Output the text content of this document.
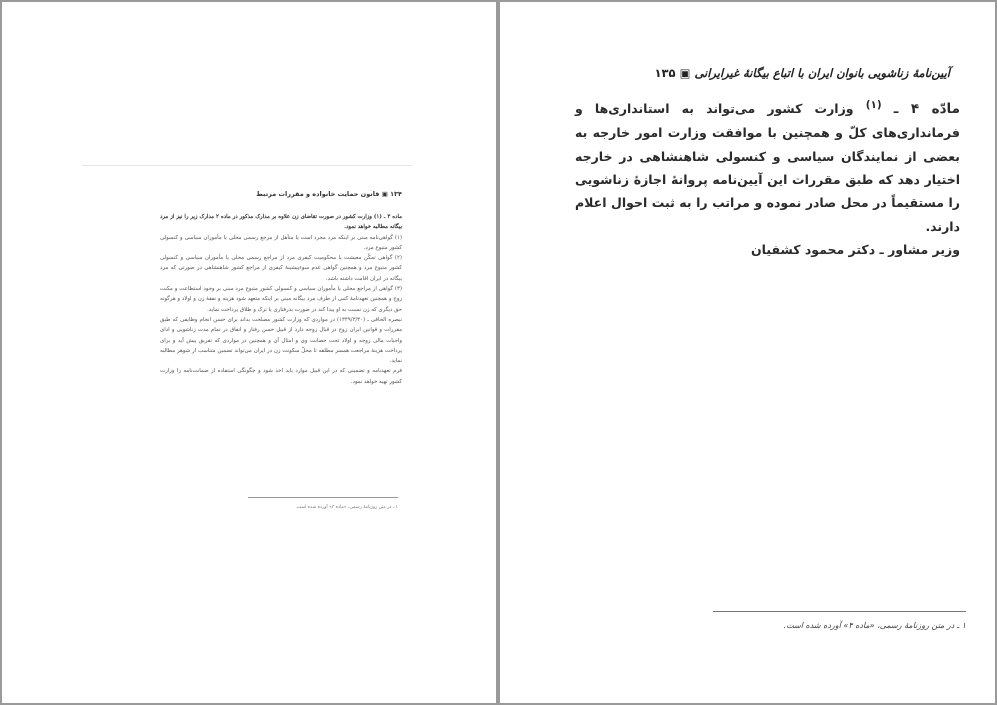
۱۳۴ ▣ قانون حمایت خانواده و مقررات مرتبط

ماده ۳ ـ (۱) وزارت کشور در صورت تقاضای زن علاوه بر مدارک مذکور در ماده ۲ مدارک زیر را نیز از مرد بیگانه مطالبه خواهد نمود.

(۱) گواهی‌نامه مبنی بر اینکه مرد مجرد است یا متأهل از مرجع رسمی محلی یا مأموران سیاسی و کنسولی کشور متبوع مرد.

(۲) گواهی تمکّن معیشت یا محکومیت کیفری مرد از مراجع رسمی محلی یا مأموران سیاسی و کنسولی کشور متبوع مرد و همچنین گواهی عدم سوءپیشینهٔ کیفری از مراجع کشور شاهنشاهی در صورتی که مرد بیگانه در ایران اقامت داشته باشد.

(۳) گواهی از مراجع محلی یا مأموران سیاسی و کنسولی کشور متبوع مرد مبنی بر وجود استطاعت و مکنت زوج و همچنین تعهدنامهٔ کتبی از طرف مرد بیگانه مبنی بر اینکه متعهد شود هزینه و نفقهٔ زن و اولاد و هرگونه حق دیگری که زن نسبت به او پیدا کند در صورت بدرفتاری یا ترک و طلاق پرداخت نماید.

تبصره الحاقی ـ (۱۳۴۹/۳/۳۰) در مواردی که وزارت کشور مصلحت بداند برای حسن انجام وظایفی که طبق مقررات و قوانین ایران زوج در قبال زوجه دارد از قبیل حسن رفتار و انفاق در تمام مدت زناشویی و ادای واجبات مالی زوجه و اولاد تحت حضانت وی و امثال آن و همچنین در مواردی که تفریق پیش آید و برای پرداخت هزینهٔ مراجعت همسر مطلقه تا محلّ سکونت زن در ایران می‌تواند تضمین متناسب از شوهر مطالبه نماید.

فرم تعهدنامه و تضمینی که در این قبیل موارد باید اخذ شود و چگونگی استفاده از ضمانت‌نامه را وزارت کشور تهیه خواهد نمود.

۱ ـ در متن روزنامهٔ رسمی، «ماده ۳» آورده شده است.
آیین‌نامهٔ زناشویی بانوان ایران با اتباع بیگانهٔ غیرایرانی ▣ ۱۳۵

مادّه ۴ ـ $^{(۱)}$ وزارت کشور می‌تواند به استانداری‌ها و فرمانداری‌های کلّ و همچنین با موافقت وزارت امور خارجه به بعضی از نمایندگان سیاسی و کنسولی شاهنشاهی در خارجه اختیار دهد که طبق مقررات این آیین‌نامه پروانهٔ اجازهٔ زناشویی را مستقیماً در محل صادر نموده و مراتب را به ثبت احوال اعلام دارند.

وزیر مشاور ـ دکتر محمود کشفیان

۱ ـ در متن روزنامهٔ رسمی، «ماده ۴» آورده شده است.
